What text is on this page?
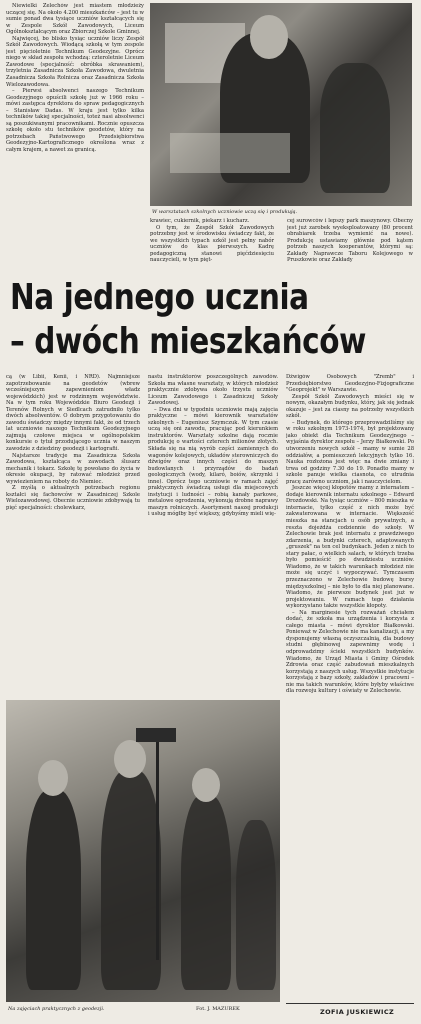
Niewielki Zelechów jest miastem młodzieży uczącej się. Na około 4.200 mieszkańców – jest tu w sumie ponad dwa tysiące uczniów kształcących się w Zespole Szkół Zawodowych, Liceum Ogólnokształcącym oraz Zbiorczej Szkole Gminnej.

Najwięcej, bo blisko tysiąc uczniów liczy Zespół Szkół Zawodowych. Wiodącą szkołą w tym zespole jest pięcioletnie Technikum Geodezyjne. Oprócz niego w skład zespołu wchodzą: czteroletnie Liceum Zawodowe (specjalność: obróbka skrawaniem), trzyletnia Zasadnicza Szkoła Zawodowa, dwuletnia Zasadnicza Szkoła Rolnicza oraz Zasadnicza Szkoła Wielozawodowa.

– Pierwsi absolwenci naszego Technikum Geodezyjnego opuścili szkołę już w 1966 roku – mówi zastępca dyrektora do spraw pedagogicznych – Stanisław Dadas. W kraju jest tylko kilka techników takiej specjalności, toteż nasi absolwenci są poszukiwanymi pracownikami. Rocznie opuszcza szkołę około stu techników geodetów, który na potrzebach Państwowego Przedsiębiorstwa Geodezyjno-Kartograficznego określona wraz z całym krajem, a nawet za granicą.

W warsztatach szkolnych uczniowie uczą się i produkują.

krawiec, cukiernik, piekarz i kucharz.

O tym, że Zespół Szkół Zawodowych potrzebny jest w środowisku świadczy fakt, że we wszystkich typach szkół jest pełny nabór uczniów do klas pierwszych. Kadrę pedagogiczną stanowi pięćdziesięciu nauczycieli, w tym pięt-

cej surowców i lepszy park maszynowy. Obecny jest już zarobek wyeksploatowany (80 procent obrabiarek trzeba wymienić na nowe). Produkcję ustawiamy głównie pod kątem potrzeb naszych kooperantów, którymi są: Zakłady Naprawcze Taboru Kolejowego w Pruszkowie oraz Zakłady

Na jednego ucznia
– dwóch mieszkańców

cą (w Libii, Kenii, i NRD). Najmniejsze zapotrzebowanie na geodetów (wbrew wcześniejszym zapewnieniom władz wojewódzkich) jest w rodzinnym województwie. Na w tym roku Wojewódzkie Biuro Geodezji i Terenów Rolnych w Siedlcach zatrudniło tylko dwóch absolwentów. O dobrym przygotowaniu do zawodu świadczy między innymi fakt, że od trzech lat uczniowie naszego Technikum Geodezyjnego zajmują czołowe miejsca w ogólnopolskim konkursie o tytuł przodującego ucznia w naszym zawodzie z dziedziny geodezji i kartografii.

Najstarsze tradycje ma Zasadnicza Szkoła Zawodowa, kształcąca w zawodach ślusarz mechanik i tokarz. Szkołę tę powołano do życia w okresie okupacji, by ratować młodzież przed wywiezieniem na roboty do Niemiec.

Z myślą o aktualnych potrzebach regionu kształci się fachowców w Zasadniczej Szkole Wielozawodowej. Obecnie uczniowie zdobywają tu pięć specjalności: cholewkarz,

nastu instruktorów poszczególnych zawodów. Szkoła ma własne warsztaty, w których młodzież praktycznie zdobywa około trzystu uczniów Liceum Zawodowego i Zasadniczej Szkoły Zawodowej.

– Dwa dni w tygodniu uczniowie mają zajęcia praktyczne – mówi kierownik warsztatów szkolnych – Eugeniusz Szymczuk. W tym czasie uczą się oni zawodu, pracując pod kierunkiem instruktorów. Warsztaty szkolne dają rocznie produkcję o wartości czterech milionów złotych. Składa się na nią wyrób części zamiennych do wagonów kolejowych, układów sterowniczych do dźwigów oraz innych części do maszyn budowlanych i przyrządów do badań geologicznych (wody, kilaró, boiów, skrzynki i inne). Oprócz tego uczniowie w ramach zajęć praktycznych świadczą usługi dla miejscowych instytucji i ludności – robią kanały parkowe, metalowe ogrodzenia, wykonują drobne naprawy maszyn rolniczych. Asortyment naszej produkcji i usług mógłby być większy, gdybyśmy mieli wię-

Dźwigów Osobowych "Zremb" i Przedsiębiorstwo Geodezyjno-Fizjograficzne "Geoprojekt" w Warszawie.

Zespół Szkół Zawodowych mieści się w nowym, okazałym budynku, który, jak się jednak okazuje – jest za ciasny na potrzeby wszystkich szkół.

– Budynek, do którego przeprowadziliśmy się w roku szkolnym 1973-1974, był projektowany jako obiekt dla Technikum Geodezyjnego – wyjaśnia dyrektor zespołu – Jerzy Białkowski. Po utworzeniu nowych szkół – mamy w sumie 28 oddziałów, a pomieszczeń lekcyjnych tylko 16. Nauka rozłożona jest więc na dwie zmiany i trwa od godziny 7.30 do 19. Ponadto mamy w szkole panuje wielka ciasnota, co utrudnia pracę zarówno uczniom, jak i nauczycielom.

Jeszcze więcej kłopotów mamy z internatem – dodaje kierownik internatu szkolnego – Edward Drozdowski. Na tysiąc uczniów – 800 mieszka w internacie, tylko część z nich może być zakwaterowana w internacie. Większość mieszka na stancjach u osób prywatnych, a reszta dojeżdża codziennie do szkoły. W Zelechowie brak jest internatu z prawdziwego zdarzenia, a budynki czterech, adaptowanych „gruszek" na ten cel budynkach. Jeden z nich to stary pałac, o wielkich salach, w których trzeba było pomieścić po dwudziestu uczniów. Wiadomo, że w takich warunkach młodzież nie może się uczyć i wypoczywać. Tymczasem przeznaczono w Zelechowie budowę bursy międzyszkolnej – nie było to dla niej planowane. Wiadomo, że pierwsze budynek jest już w projektowaniu. W ramach tego działania wykorzystano także wszystkie kłopoty.

– Na marginesie tych rozważań chciałem dodać, że szkoła ma urządzenia i korzysta z całego miasta – mówi dyrektor Białkowski. Ponieważ w Zelechowie nie ma kanalizacji, a my dysponujemy własną oczyszczalnią, dla budowy studni głębinowej zapewnimy wodę i odprowadzimy ścieki wszystkich budynków. Wiadomo, że Urząd Miasta i Gminy Ośrodek Zdrowia oraz część zabudowań mieszkalnych korzystają z naszych usług. Wszystkie instytucje korzystają z bazy szkoły, zakładów i pracowni – nie ma takich warunków, które byłyby właściwe dla rozwoju kultury i oświaty w Zelechowie.

Na zajęciach praktycznych z geodezji.	Fot. J. MAZUREK	ZOFIA JUSKIEWICZ
